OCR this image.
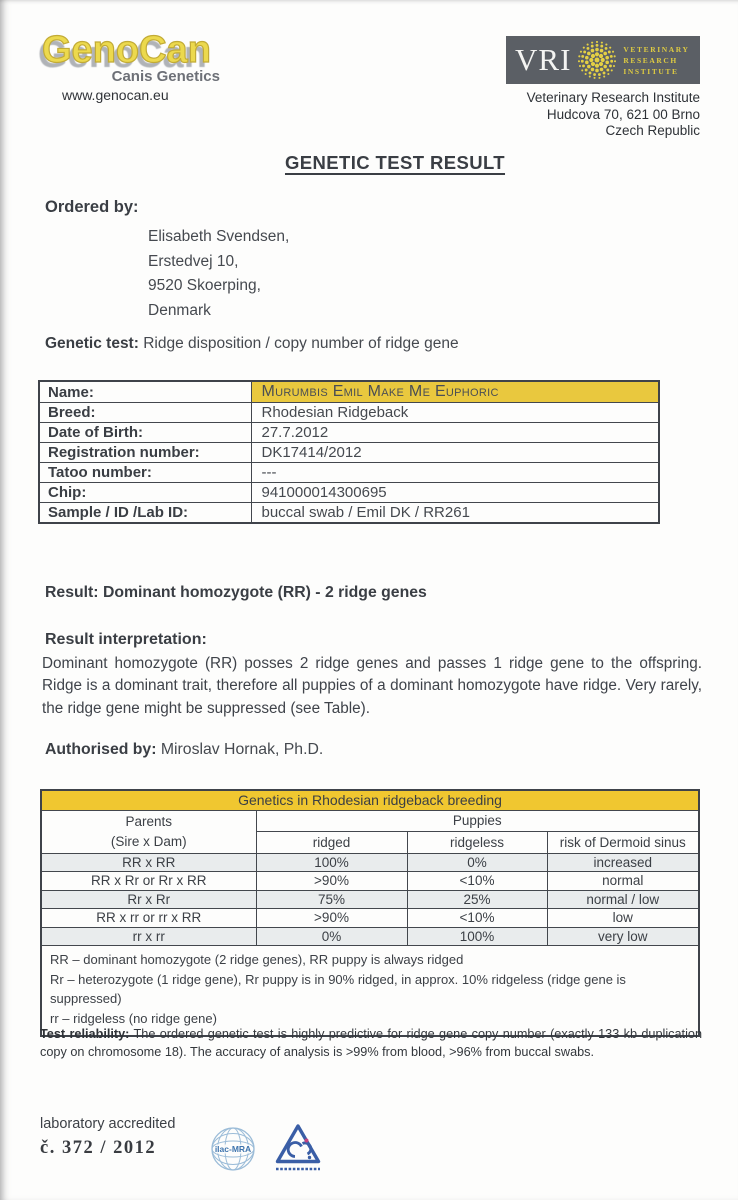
GenoCan
Canis Genetics
www.genocan.eu
VRI	VETERINARY
RESEARCH
INSTITUTE
Veterinary Research Institute
Hudcova 70, 621 00 Brno
Czech Republic
GENETIC TEST RESULT
Ordered by:
Elisabeth Svendsen,
Erstedvej 10,
9520 Skoerping,
Denmark
Genetic test: Ridge disposition / copy number of ridge gene
Name:	Murumbis Emil Make Me Euphoric
Breed:	Rhodesian Ridgeback
Date of Birth:	27.7.2012
Registration number:	DK17414/2012
Tatoo number:	---
Chip:	941000014300695
Sample / ID /Lab ID:	buccal swab / Emil DK / RR261
Result: Dominant homozygote (RR) - 2 ridge genes
Result interpretation:
Dominant homozygote (RR) posses 2 ridge genes and passes 1 ridge gene to the offspring. Ridge is a dominant trait, therefore all puppies of a dominant homozygote have ridge. Very rarely, the ridge gene might be suppressed (see Table).
Authorised by: Miroslav Hornak, Ph.D.
Genetics in Rhodesian ridgeback breeding			

Parents
(Sire x Dam)	Puppies		
	ridged	ridgeless	risk of Dermoid sinus
RR x RR	100%	0%	increased
RR x Rr or Rr x RR	>90%	<10%	normal
Rr x Rr	75%	25%	normal / low
RR x rr or rr x RR	>90%	<10%	low
rr x rr	0%	100%	very low

RR – dominant homozygote (2 ridge genes), RR puppy is always ridged
Rr – heterozygote (1 ridge gene), Rr puppy is in 90% ridged, in approx. 10% ridgeless (ridge gene is suppressed)
rr – ridgeless (no ridge gene)			
Test reliability: The ordered genetic test is highly predictive for ridge gene copy number (exactly 133 kb duplication copy on chromosome 18). The accuracy of analysis is >99% from blood, >96% from buccal swabs.
laboratory accredited
č. 372 / 2012	ilac-MRA
